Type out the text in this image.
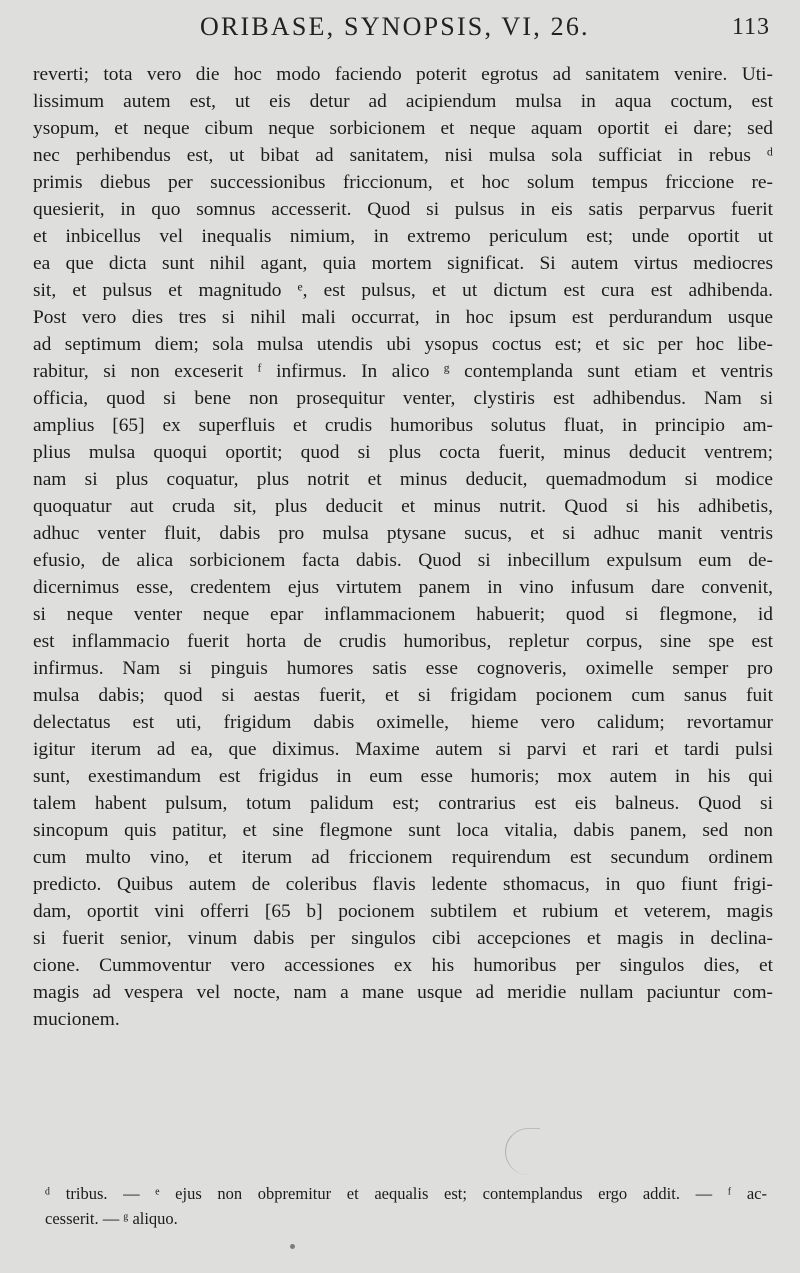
ORIBASE, SYNOPSIS, VI, 26.	113
reverti; tota vero die hoc modo faciendo poterit egrotus ad sanitatem venire. Uti-
lissimum autem est, ut eis detur ad acipiendum mulsa in aqua coctum, est
ysopum, et neque cibum neque sorbicionem et neque aquam oportit ei dare; sed
nec perhibendus est, ut bibat ad sanitatem, nisi mulsa sola sufficiat in rebus ᵈ
primis diebus per successionibus friccionum, et hoc solum tempus friccione re-
quesierit, in quo somnus accesserit. Quod si pulsus in eis satis perparvus fuerit
et inbicellus vel inequalis nimium, in extremo periculum est; unde oportit ut
ea que dicta sunt nihil agant, quia mortem significat. Si autem virtus mediocres
sit, et pulsus et magnitudo ᵉ, est pulsus, et ut dictum est cura est adhibenda.
Post vero dies tres si nihil mali occurrat, in hoc ipsum est perdurandum usque
ad septimum diem; sola mulsa utendis ubi ysopus coctus est; et sic per hoc libe-
rabitur, si non exceserit ᶠ infirmus. In alico ᵍ contemplanda sunt etiam et ventris
officia, quod si bene non prosequitur venter, clystiris est adhibendus. Nam si
amplius [65] ex superfluis et crudis humoribus solutus fluat, in principio am-
plius mulsa quoqui oportit; quod si plus cocta fuerit, minus deducit ventrem;
nam si plus coquatur, plus notrit et minus deducit, quemadmodum si modice
quoquatur aut cruda sit, plus deducit et minus nutrit. Quod si his adhibetis,
adhuc venter fluit, dabis pro mulsa ptysane sucus, et si adhuc manit ventris
efusio, de alica sorbicionem facta dabis. Quod si inbecillum expulsum eum de-
dicernimus esse, credentem ejus virtutem panem in vino infusum dare convenit,
si neque venter neque epar inflammacionem habuerit; quod si flegmone, id
est inflammacio fuerit horta de crudis humoribus, repletur corpus, sine spe est
infirmus. Nam si pinguis humores satis esse cognoveris, oximelle semper pro
mulsa dabis; quod si aestas fuerit, et si frigidam pocionem cum sanus fuit
delectatus est uti, frigidum dabis oximelle, hieme vero calidum; revortamur
igitur iterum ad ea, que diximus. Maxime autem si parvi et rari et tardi pulsi
sunt, exestimandum est frigidus in eum esse humoris; mox autem in his qui
talem habent pulsum, totum palidum est; contrarius est eis balneus. Quod si
sincopum quis patitur, et sine flegmone sunt loca vitalia, dabis panem, sed non
cum multo vino, et iterum ad friccionem requirendum est secundum ordinem
predicto. Quibus autem de coleribus flavis ledente sthomacus, in quo fiunt frigi-
dam, oportit vini offerri [65 b] pocionem subtilem et rubium et veterem, magis
si fuerit senior, vinum dabis per singulos cibi accepciones et magis in declina-
cione. Cummoventur vero accessiones ex his humoribus per singulos dies, et
magis ad vespera vel nocte, nam a mane usque ad meridie nullam paciuntur com-
mucionem.
ᵈ tribus. — ᵉ ejus non obpremitur et aequalis est; contemplandus ergo addit. — ᶠ ac-
cesserit. — ᵍ aliquo.
